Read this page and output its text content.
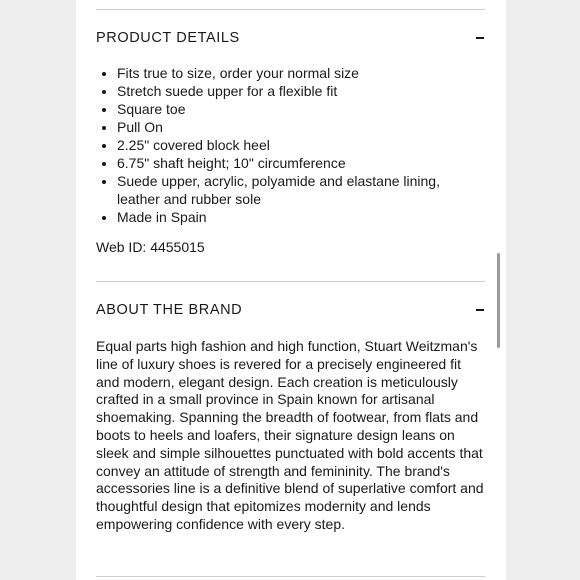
PRODUCT DETAILS
• Fits true to size, order your normal size
• Stretch suede upper for a flexible fit
• Square toe
• Pull On
• 2.25" covered block heel
• 6.75" shaft height; 10" circumference
• Suede upper, acrylic, polyamide and elastane lining, leather and rubber sole
• Made in Spain
Web ID: 4455015
ABOUT THE BRAND

Equal parts high fashion and high function, Stuart Weitzman's line of luxury shoes is revered for a precisely engineered fit and modern, elegant design. Each creation is meticulously crafted in a small province in Spain known for artisanal shoemaking. Spanning the breadth of footwear, from flats and boots to heels and loafers, their signature design leans on sleek and simple silhouettes punctuated with bold accents that convey an attitude of strength and femininity. The brand's accessories line is a definitive blend of superlative comfort and thoughtful design that epitomizes modernity and lends empowering confidence with every step.
